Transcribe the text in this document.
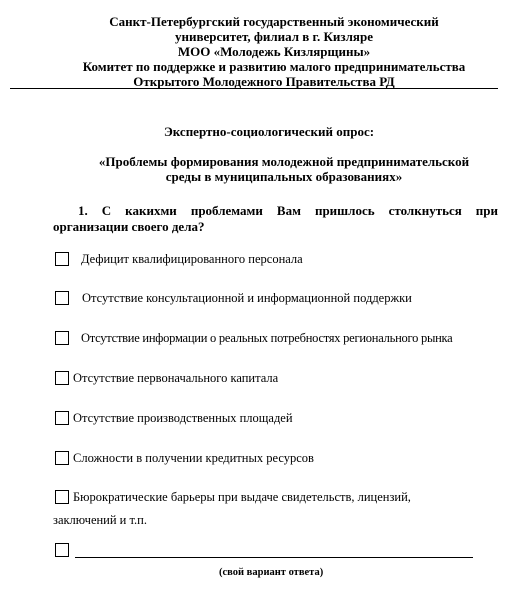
Санкт-Петербургский государственный экономический
университет, филиал в г. Кизляре
МОО «Молодежь Кизлярщины»
Комитет по поддержке и развитию малого предпринимательства
Открытого Молодежного Правительства РД
Экспертно-социологический опрос:
«Проблемы формирования молодежной предпринимательской
среды в муниципальных образованиях»
1. С каких​ми проблемами Вам пришлось столкнуться при
организации своего дела?
Дефицит квалифицированного персонала
Отсутствие консультационной и информационной поддержки
Отсутствие информации о реальных потребностях регионального рынка
Отсутствие первоначального капитала
Отсутствие производственных площадей
Сложности в получении кредитных ресурсов
Бюрократические барьеры при выдаче свидетельств, лицензий,
заключений и т.п.
(свой вариант ответа)
